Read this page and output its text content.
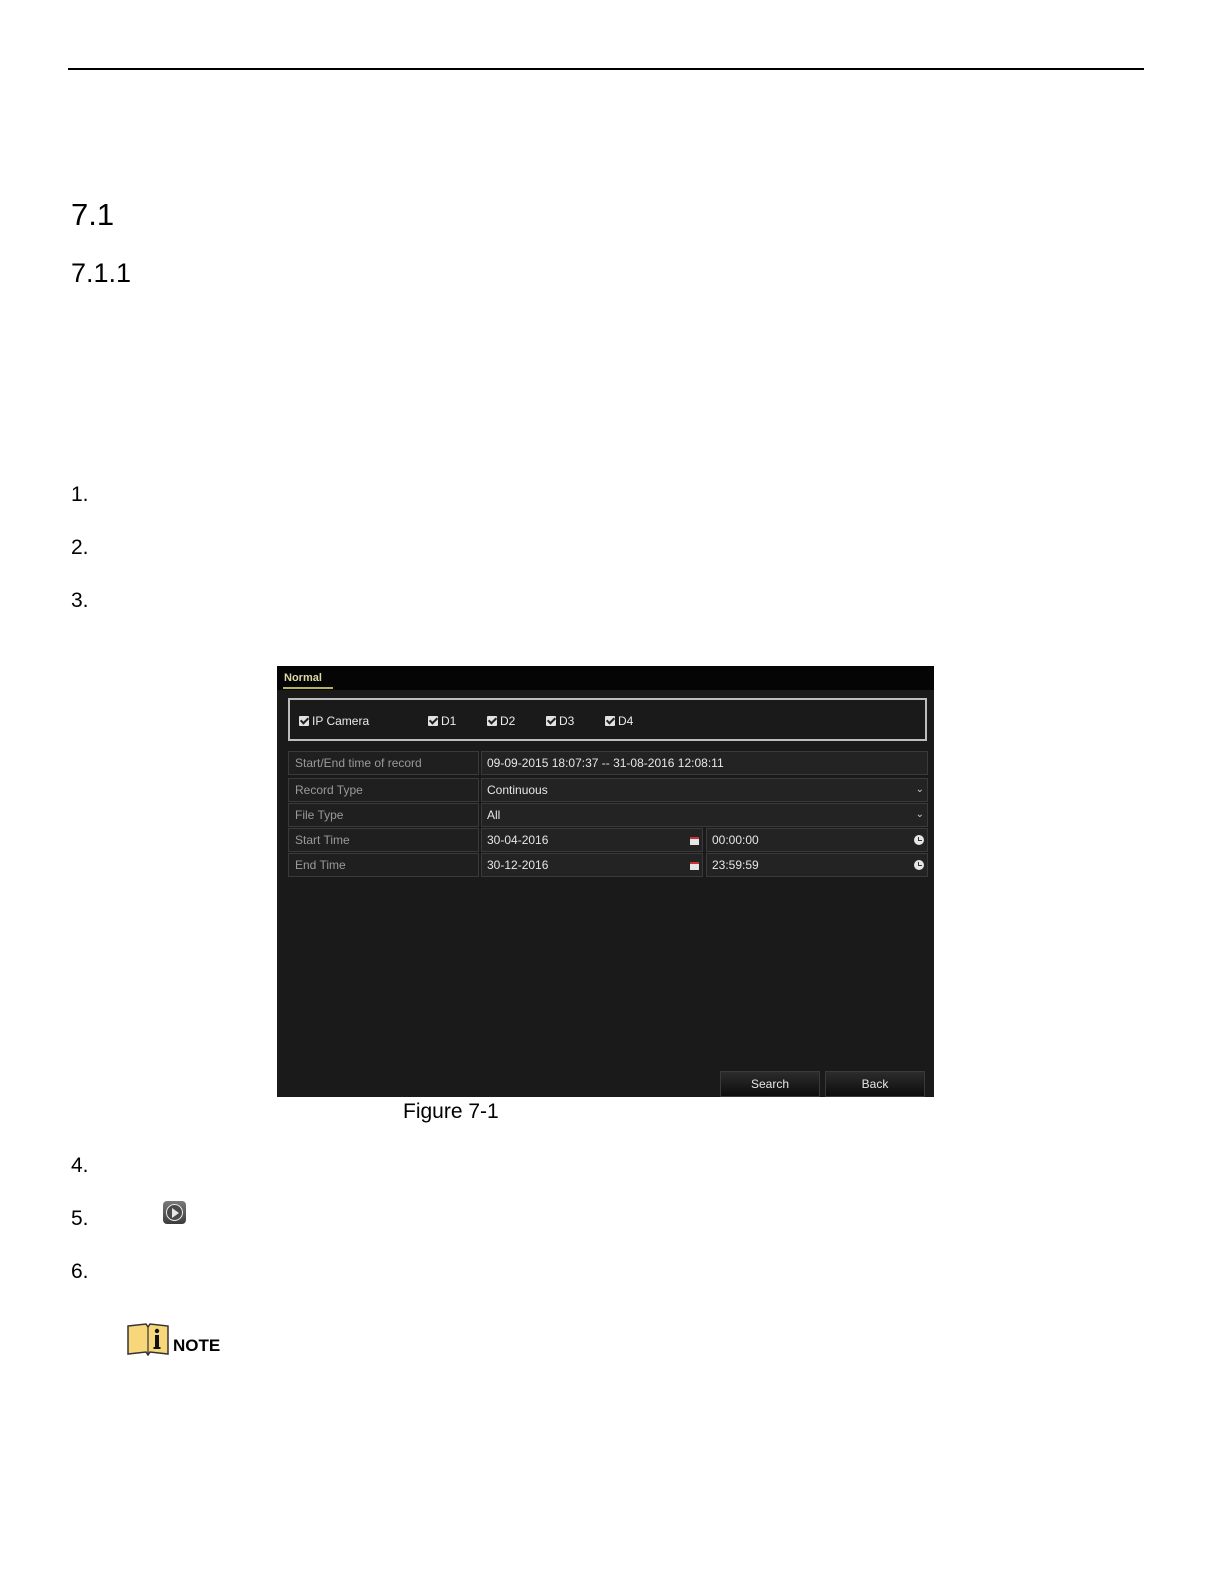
7.1
7.1.1
1.
2.
3.
Normal
IP Camera	D1	D2	D3	D4
Start/End time of record	09-09-2015 18:07:37 -- 31-08-2016 12:08:11
Record Type	Continuous	⌄
File Type	All	⌄
Start Time	30-04-2016	00:00:00
End Time	30-12-2016	23:59:59
Search	Back
Figure 7-1
4.
5.
6.
NOTE
